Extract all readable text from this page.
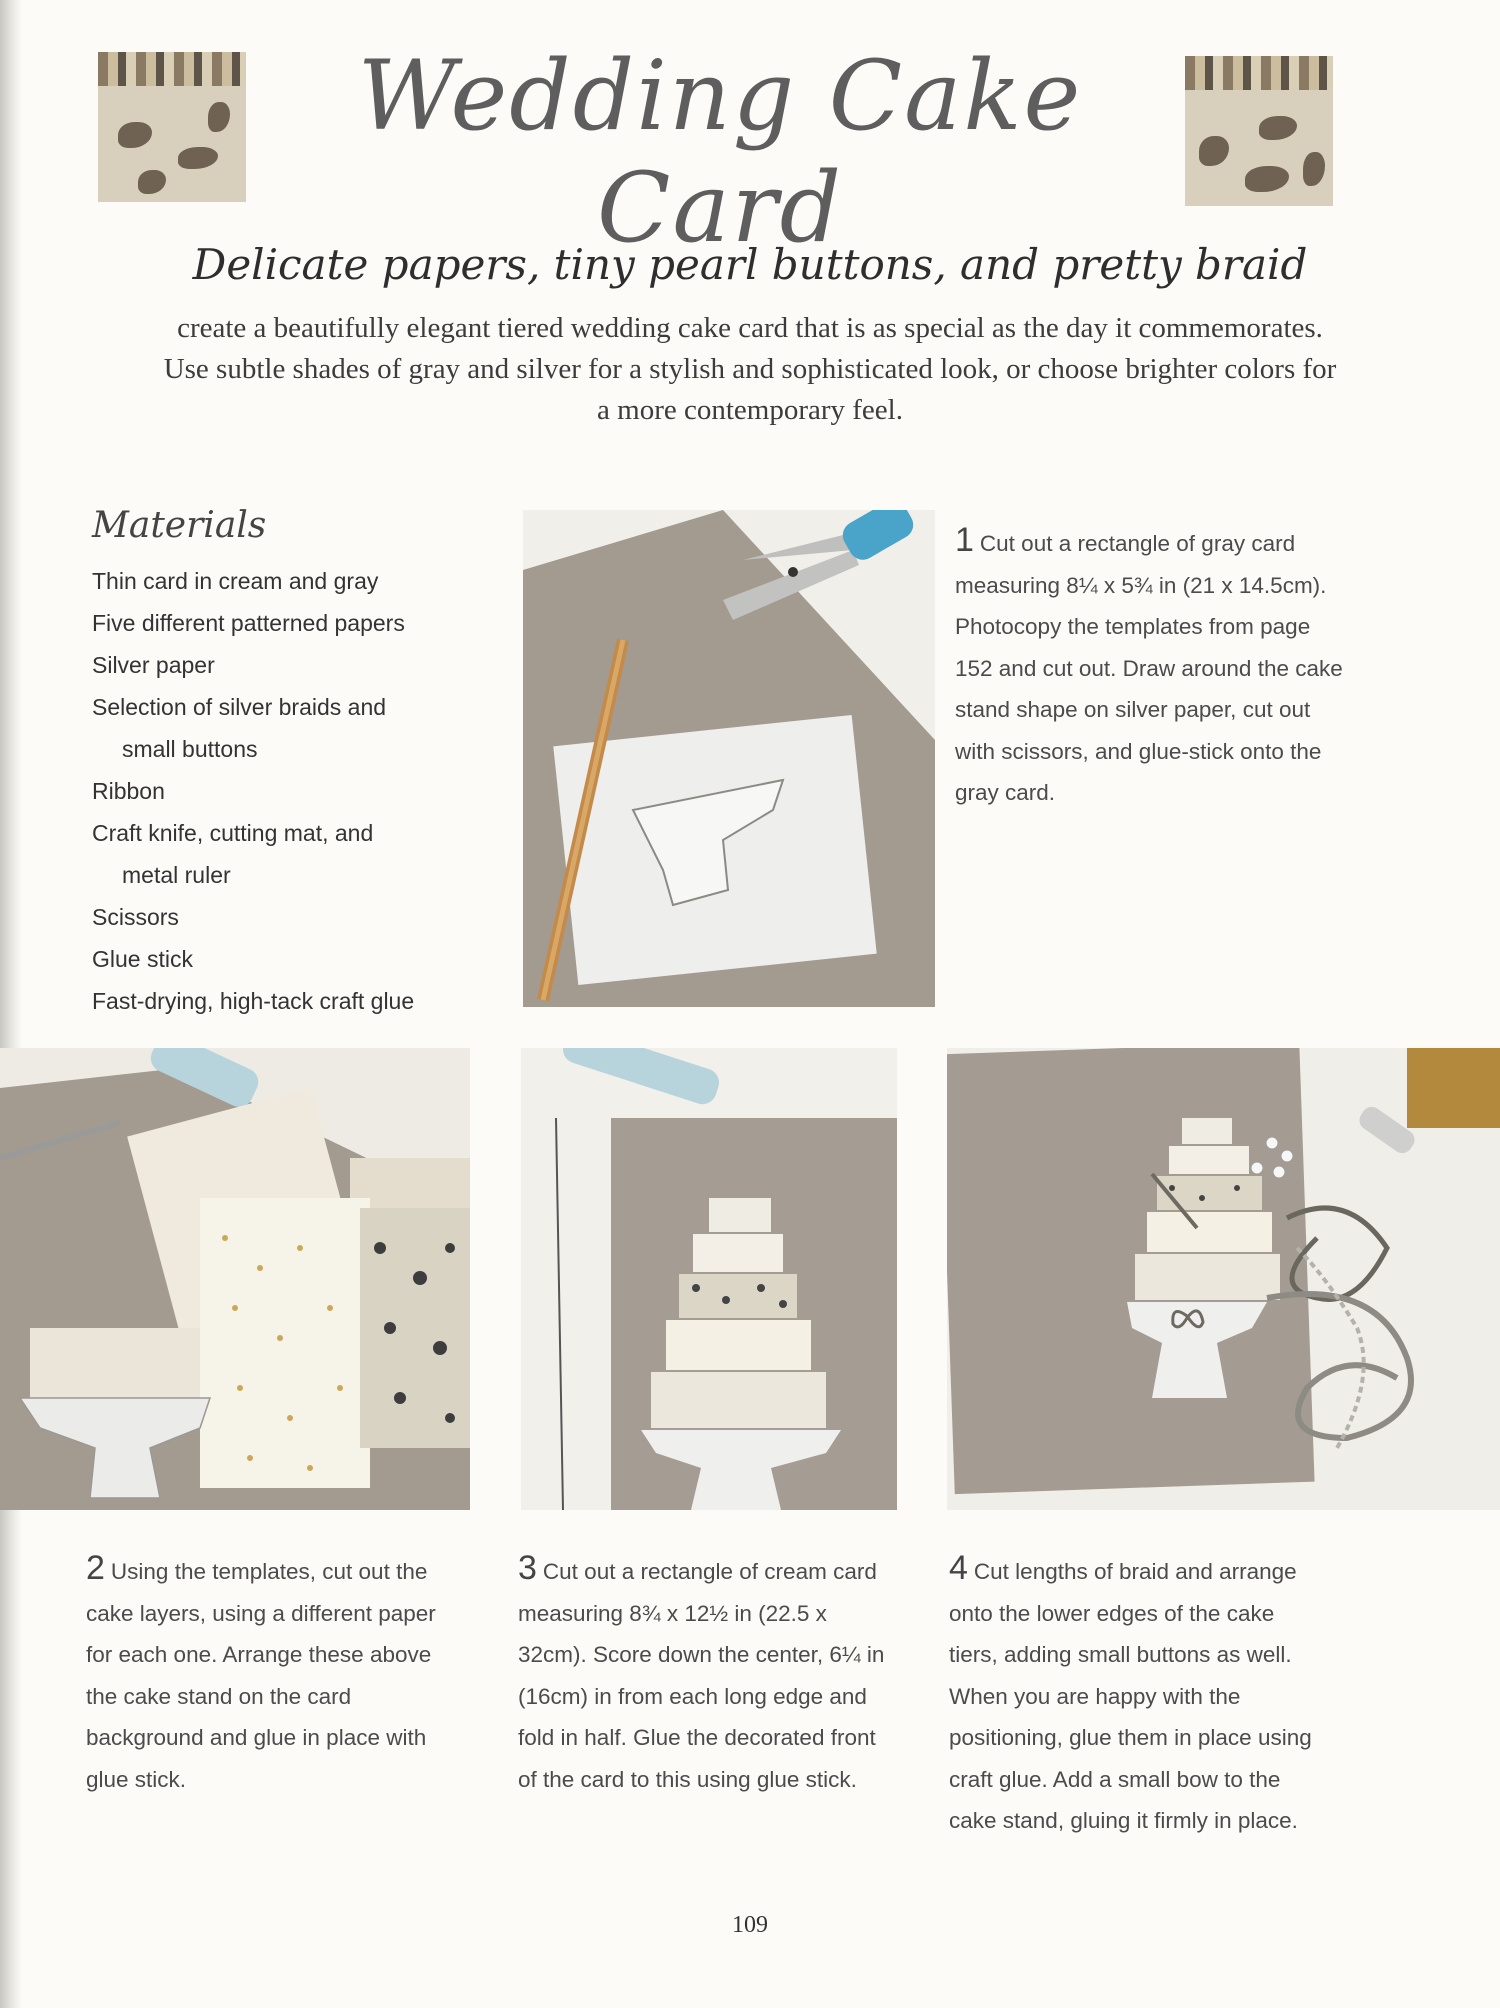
Wedding Cake Card
Delicate papers, tiny pearl buttons, and pretty braid
create a beautifully elegant tiered wedding cake card that is as special as the day it commemorates. Use subtle shades of gray and silver for a stylish and sophisticated look, or choose brighter colors for a more contemporary feel.
Materials
Thin card in cream and gray
Five different patterned papers
Silver paper
Selection of silver braids and
small buttons
Ribbon
Craft knife, cutting mat, and
metal ruler
Scissors
Glue stick
Fast-drying, high-tack craft glue
1 Cut out a rectangle of gray card measuring 8¼ x 5¾ in (21 x 14.5cm). Photocopy the templates from page 152 and cut out. Draw around the cake stand shape on silver paper, cut out with scissors, and glue-stick onto the gray card.
2 Using the templates, cut out the cake layers, using a different paper for each one. Arrange these above the cake stand on the card background and glue in place with glue stick.
3 Cut out a rectangle of cream card measuring 8¾ x 12½ in (22.5 x 32cm). Score down the center, 6¼ in (16cm) in from each long edge and fold in half. Glue the decorated front of the card to this using glue stick.
4 Cut lengths of braid and arrange onto the lower edges of the cake tiers, adding small buttons as well. When you are happy with the positioning, glue them in place using craft glue. Add a small bow to the cake stand, gluing it firmly in place.
109
